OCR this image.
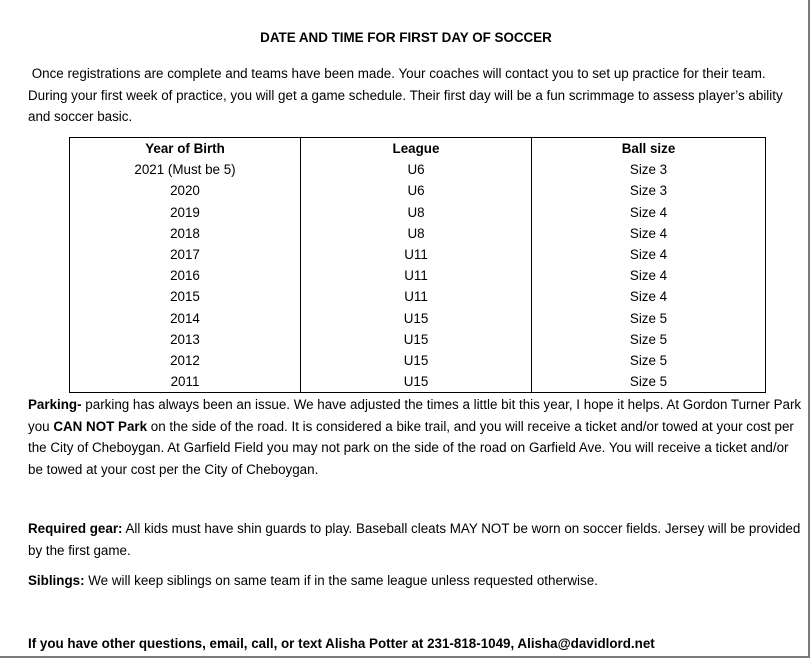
DATE AND TIME FOR FIRST DAY OF SOCCER
Once registrations are complete and teams have been made. Your coaches will contact you to set up practice for their team. During your first week of practice, you will get a game schedule. Their first day will be a fun scrimmage to assess player’s ability and soccer basic.
Year of Birth	League	Ball size
2021 (Must be 5)	U6	Size 3
2020	U6	Size 3
2019	U8	Size 4
2018	U8	Size 4
2017	U11	Size 4
2016	U11	Size 4
2015	U11	Size 4
2014	U15	Size 5
2013	U15	Size 5
2012	U15	Size 5
2011	U15	Size 5
Parking- parking has always been an issue. We have adjusted the times a little bit this year, I hope it helps. At Gordon Turner Park you CAN NOT Park on the side of the road. It is considered a bike trail, and you will receive a ticket and/or towed at your cost per the City of Cheboygan. At Garfield Field you may not park on the side of the road on Garfield Ave. You will receive a ticket and/or be towed at your cost per the City of Cheboygan.
Required gear: All kids must have shin guards to play. Baseball cleats MAY NOT be worn on soccer fields. Jersey will be provided by the first game.
Siblings: We will keep siblings on same team if in the same league unless requested otherwise.
If you have other questions, email, call, or text Alisha Potter at 231-818-1049, Alisha@davidlord.net
